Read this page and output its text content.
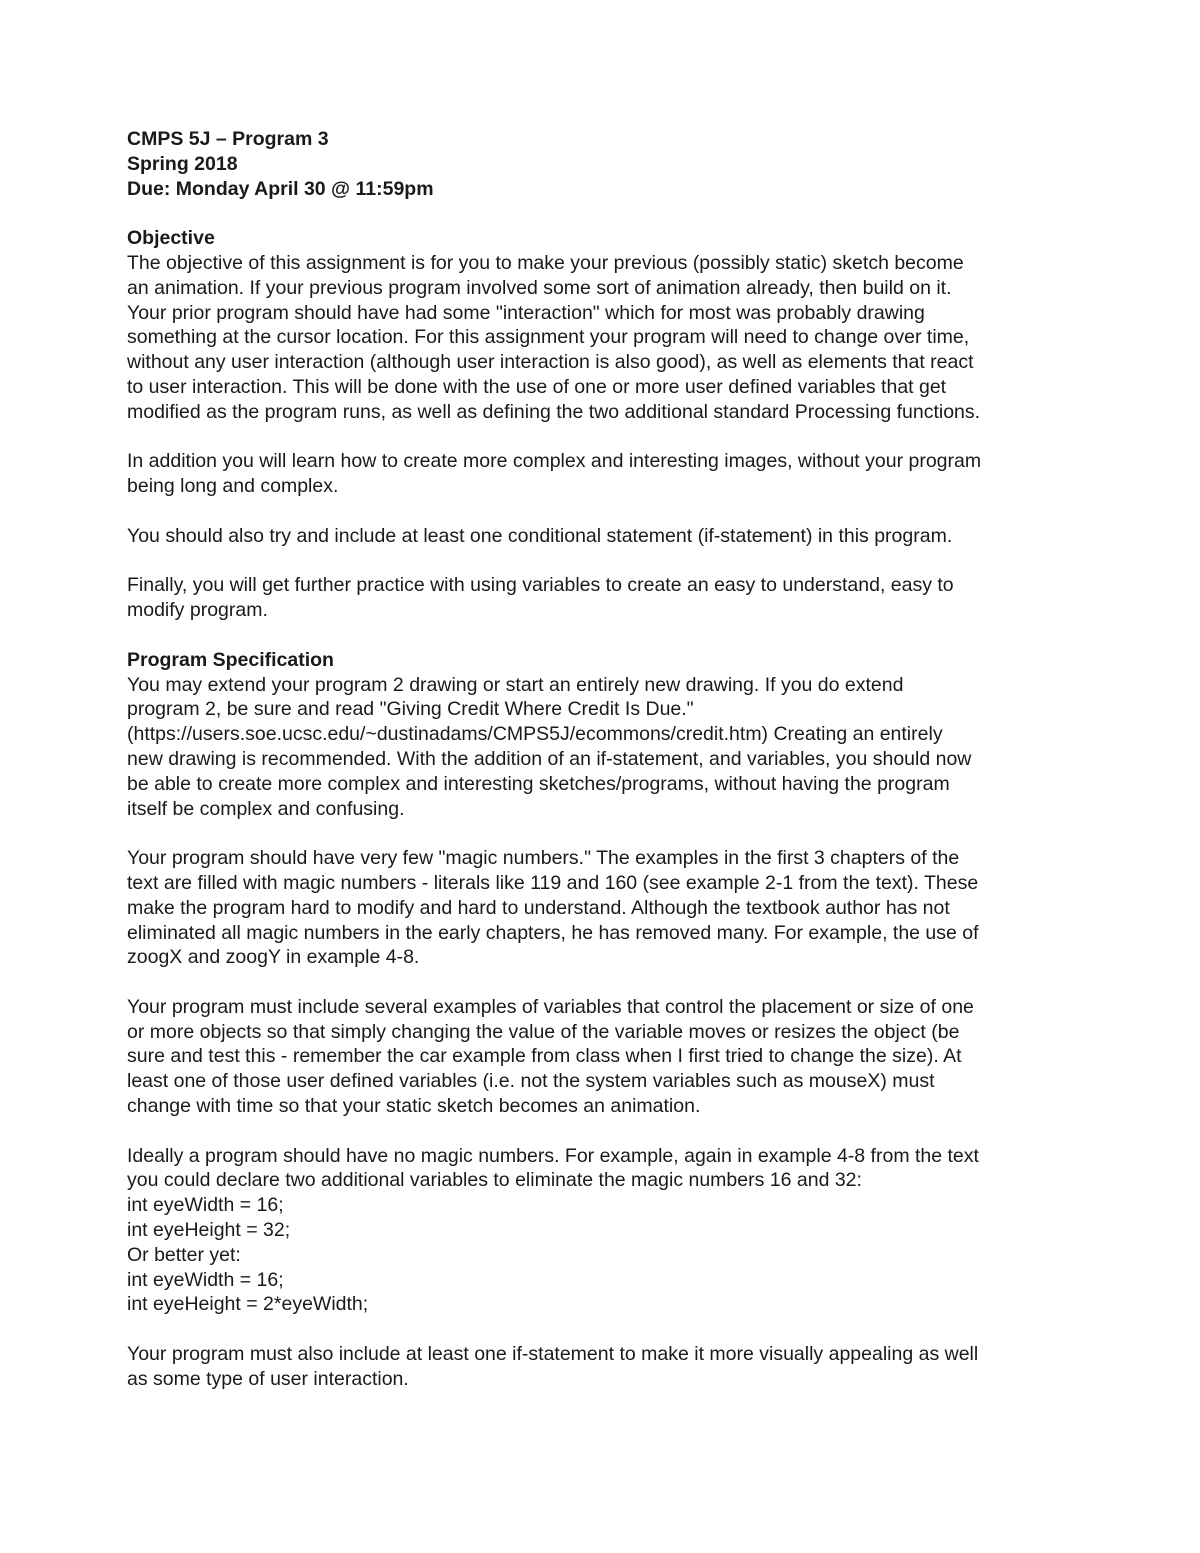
CMPS 5J – Program 3
Spring 2018
Due: Monday April 30 @ 11:59pm
Objective
The objective of this assignment is for you to make your previous (possibly static) sketch become
an animation. If your previous program involved some sort of animation already, then build on it.
Your prior program should have had some "interaction" which for most was probably drawing
something at the cursor location. For this assignment your program will need to change over time,
without any user interaction (although user interaction is also good), as well as elements that react
to user interaction. This will be done with the use of one or more user defined variables that get
modified as the program runs, as well as defining the two additional standard Processing functions.
In addition you will learn how to create more complex and interesting images, without your program
being long and complex.
You should also try and include at least one conditional statement (if-statement) in this program.
Finally, you will get further practice with using variables to create an easy to understand, easy to
modify program.
Program Specification
You may extend your program 2 drawing or start an entirely new drawing. If you do extend
program 2, be sure and read "Giving Credit Where Credit Is Due."
(https://users.soe.ucsc.edu/~dustinadams/CMPS5J/ecommons/credit.htm) Creating an entirely
new drawing is recommended. With the addition of an if-statement, and variables, you should now
be able to create more complex and interesting sketches/programs, without having the program
itself be complex and confusing.
Your program should have very few "magic numbers." The examples in the first 3 chapters of the
text are filled with magic numbers - literals like 119 and 160 (see example 2-1 from the text). These
make the program hard to modify and hard to understand. Although the textbook author has not
eliminated all magic numbers in the early chapters, he has removed many. For example, the use of
zoogX and zoogY in example 4-8.
Your program must include several examples of variables that control the placement or size of one
or more objects so that simply changing the value of the variable moves or resizes the object (be
sure and test this - remember the car example from class when I first tried to change the size). At
least one of those user defined variables (i.e. not the system variables such as mouseX) must
change with time so that your static sketch becomes an animation.
Ideally a program should have no magic numbers. For example, again in example 4-8 from the text
you could declare two additional variables to eliminate the magic numbers 16 and 32:
int eyeWidth = 16;
int eyeHeight = 32;
Or better yet:
int eyeWidth = 16;
int eyeHeight = 2*eyeWidth;
Your program must also include at least one if-statement to make it more visually appealing as well
as some type of user interaction.
